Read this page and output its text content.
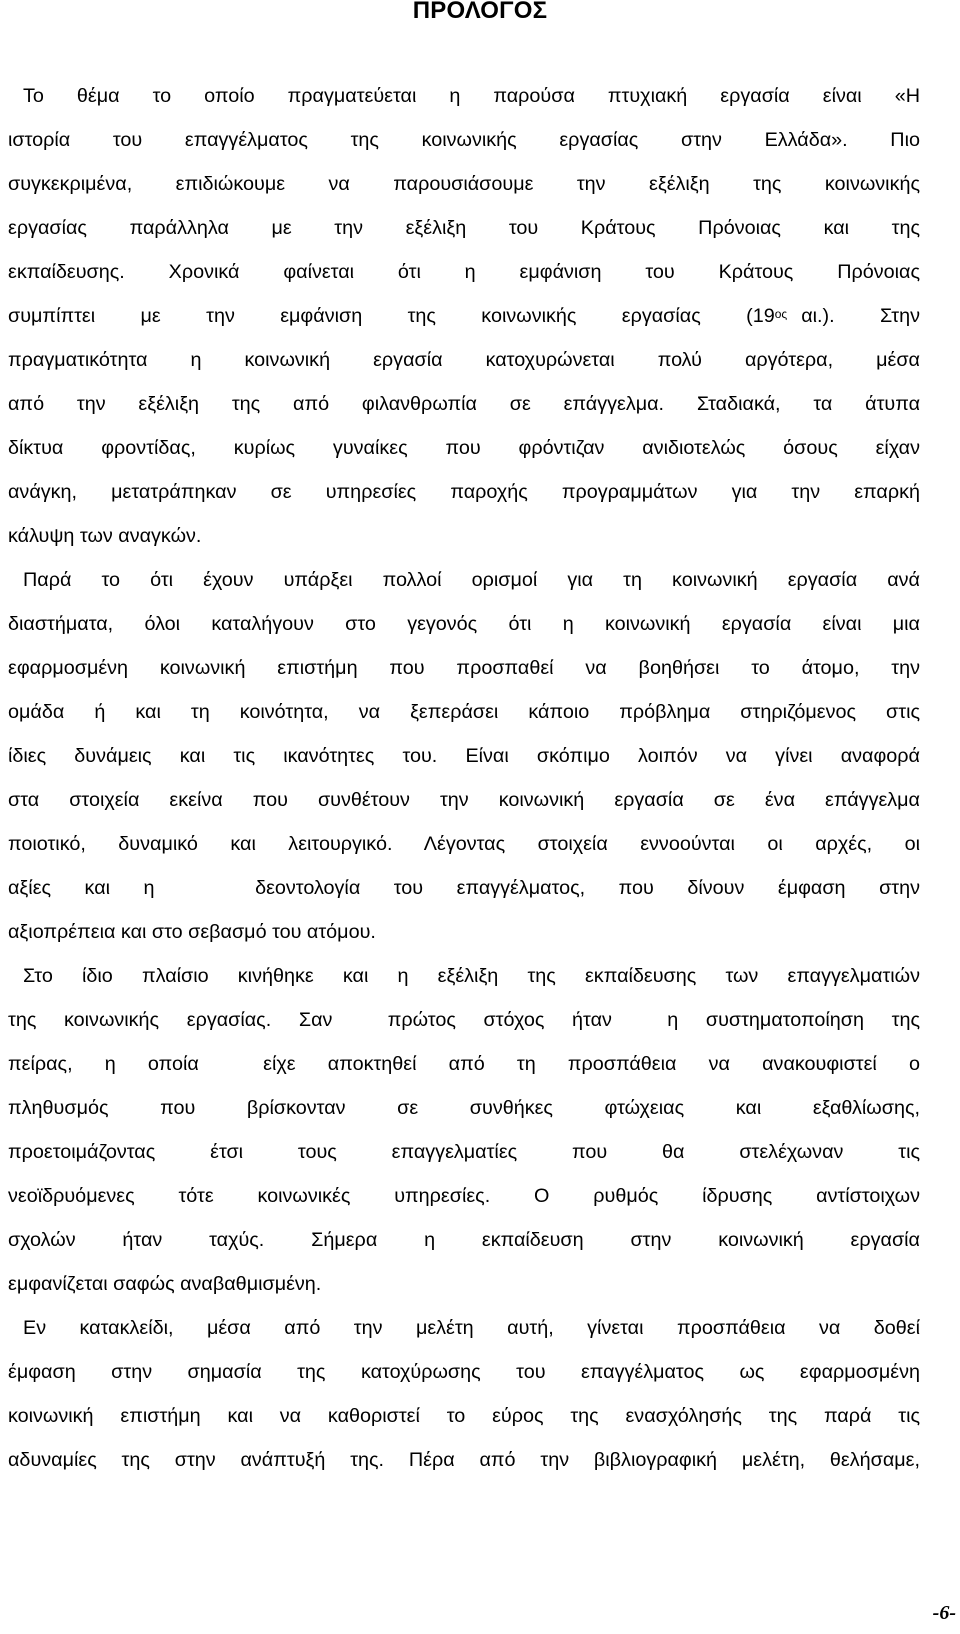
ΠΡΟΛΟΓΟΣ
Το θέμα το οποίο πραγματεύεται η παρούσα πτυχιακή εργασία είναι «Η
ιστορία του επαγγέλματος της κοινωνικής εργασίας στην Ελλάδα». Πιο
συγκεκριμένα, επιδιώκουμε να παρουσιάσουμε την εξέλιξη της κοινωνικής
εργασίας παράλληλα με την εξέλιξη του Κράτους Πρόνοιας και της
εκπαίδευσης. Χρονικά φαίνεται ότι η εμφάνιση του Κράτους Πρόνοιας
συμπίπτει με την εμφάνιση της κοινωνικής εργασίας ($19^{o\varsigma}$ αι.). Στην
πραγματικότητα η κοινωνική εργασία κατοχυρώνεται πολύ αργότερα, μέσα
από την εξέλιξη της από φιλανθρωπία σε επάγγελμα. Σταδιακά, τα άτυπα
δίκτυα φροντίδας, κυρίως γυναίκες που φρόντιζαν ανιδιοτελώς όσους είχαν
ανάγκη, μετατράπηκαν σε υπηρεσίες παροχής προγραμμάτων για την επαρκή
κάλυψη των αναγκών.
Παρά το ότι έχουν υπάρξει πολλοί ορισμοί για τη κοινωνική εργασία ανά
διαστήματα, όλοι καταλήγουν στο γεγονός ότι η κοινωνική εργασία είναι μια
εφαρμοσμένη κοινωνική επιστήμη που προσπαθεί να βοηθήσει το άτομο, την
ομάδα ή και τη κοινότητα, να ξεπεράσει κάποιο πρόβλημα στηριζόμενος στις
ίδιες δυνάμεις και τις ικανότητες του. Είναι σκόπιμο λοιπόν να γίνει αναφορά
στα στοιχεία εκείνα που συνθέτουν την κοινωνική εργασία σε ένα επάγγελμα
ποιοτικό, δυναμικό και λειτουργικό. Λέγοντας στοιχεία εννοούνται οι αρχές, οι
αξίες και η   δεοντολογία του επαγγέλματος, που δίνουν έμφαση στην
αξιοπρέπεια και στο σεβασμό του ατόμου.
Στο ίδιο πλαίσιο κινήθηκε και η εξέλιξη της εκπαίδευσης των επαγγελματιών
της κοινωνικής εργασίας. Σαν  πρώτος στόχος ήταν  η συστηματοποίηση της
πείρας, η οποία  είχε αποκτηθεί από τη προσπάθεια να ανακουφιστεί ο
πληθυσμός που βρίσκονταν σε συνθήκες φτώχειας και εξαθλίωσης,
προετοιμάζοντας έτσι τους επαγγελματίες που θα στελέχωναν τις
νεοϊδρυόμενες τότε κοινωνικές υπηρεσίες. Ο ρυθμός ίδρυσης αντίστοιχων
σχολών ήταν ταχύς. Σήμερα η εκπαίδευση στην κοινωνική εργασία
εμφανίζεται σαφώς αναβαθμισμένη.
Εν κατακλείδι, μέσα από την μελέτη αυτή, γίνεται προσπάθεια να δοθεί
έμφαση στην σημασία της κατοχύρωσης του επαγγέλματος ως εφαρμοσμένη
κοινωνική επιστήμη και να καθοριστεί το εύρος της ενασχόλησής της παρά τις
αδυναμίες της στην ανάπτυξή της. Πέρα από την βιβλιογραφική μελέτη, θελήσαμε,
-6-
